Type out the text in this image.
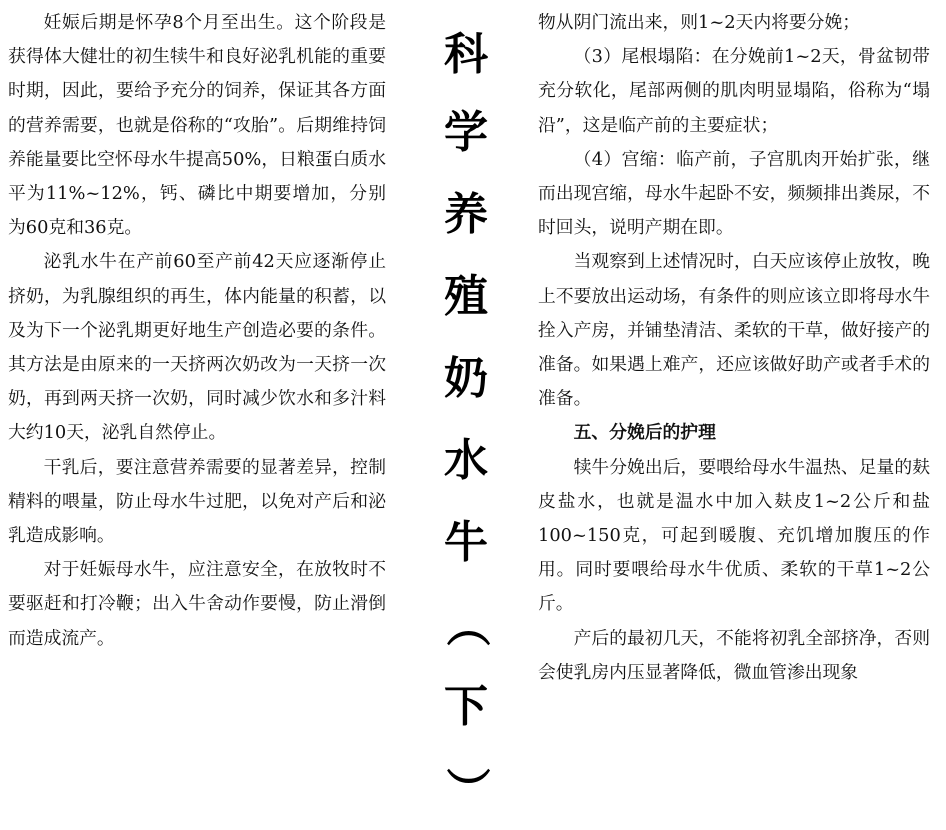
妊娠后期是怀孕8个月至出生。这个阶段是获得体大健壮的初生犊牛和良好泌乳机能的重要时期，因此，要给予充分的饲养，保证其各方面的营养需要，也就是俗称的“攻胎”。后期维持饲养能量要比空怀母水牛提高50%，日粮蛋白质水平为11%~12%，钙、磷比中期要增加，分别为60克和36克。

泌乳水牛在产前60至产前42天应逐渐停止挤奶，为乳腺组织的再生，体内能量的积蓄，以及为下一个泌乳期更好地生产创造必要的条件。其方法是由原来的一天挤两次奶改为一天挤一次奶，再到两天挤一次奶，同时减少饮水和多汁料大约10天，泌乳自然停止。

干乳后，要注意营养需要的显著差异，控制精料的喂量，防止母水牛过肥，以免对产后和泌乳造成影响。

对于妊娠母水牛，应注意安全，在放牧时不要驱赶和打冷鞭；出入牛舍动作要慢，防止滑倒而造成流产。

科
学
养
殖
奶
水
牛
（
下
）

物从阴门流出来，则1~2天内将要分娩；

（3）尾根塌陷：在分娩前1~2天，骨盆韧带充分软化，尾部两侧的肌肉明显塌陷，俗称为“塌沿”，这是临产前的主要症状；

（4）宫缩：临产前，子宫肌肉开始扩张，继而出现宫缩，母水牛起卧不安，频频排出粪尿，不时回头，说明产期在即。

当观察到上述情况时，白天应该停止放牧，晚上不要放出运动场，有条件的则应该立即将母水牛拴入产房，并铺垫清洁、柔软的干草，做好接产的准备。如果遇上难产，还应该做好助产或者手术的准备。

五、分娩后的护理

犊牛分娩出后，要喂给母水牛温热、足量的麸皮盐水，也就是温水中加入麸皮1~2公斤和盐100~150克，可起到暖腹、充饥增加腹压的作用。同时要喂给母水牛优质、柔软的干草1~2公斤。

产后的最初几天，不能将初乳全部挤净，否则会使乳房内压显著降低，微血管渗出现象
